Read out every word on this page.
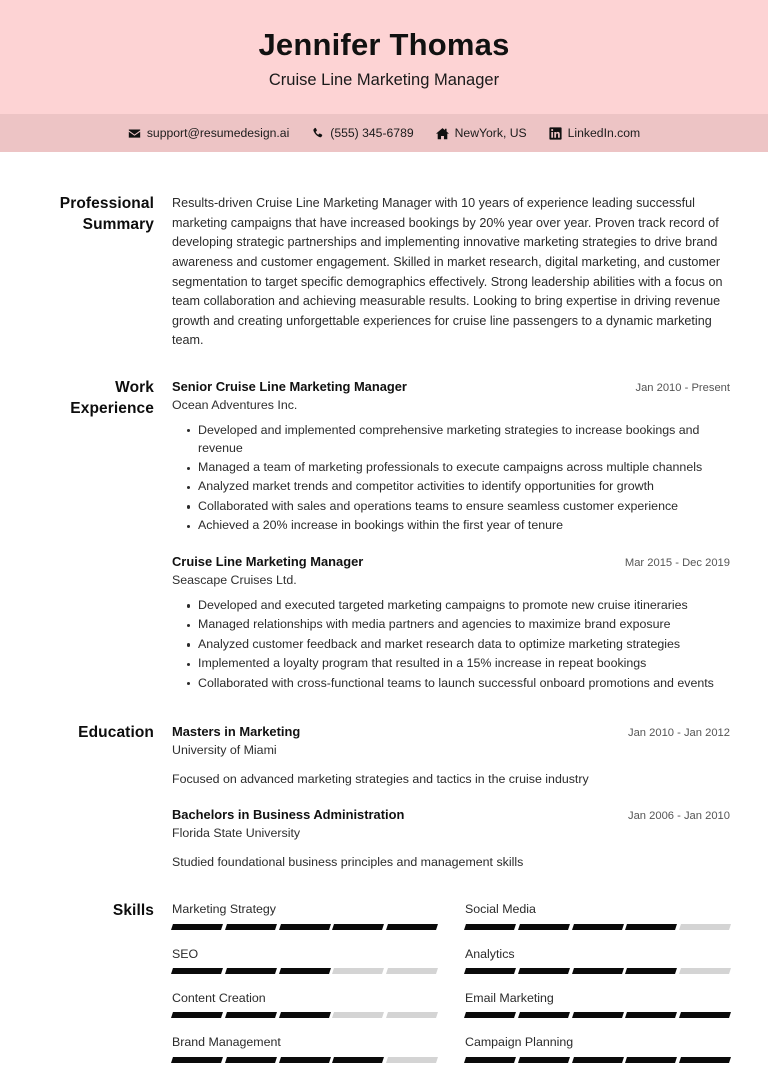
Jennifer Thomas
Cruise Line Marketing Manager
support@resumedesign.ai	(555) 345-6789	NewYork, US	LinkedIn.com
Professional
Summary
Results-driven Cruise Line Marketing Manager with 10 years of experience leading successful marketing campaigns that have increased bookings by 20% year over year. Proven track record of developing strategic partnerships and implementing innovative marketing strategies to drive brand awareness and customer engagement. Skilled in market research, digital marketing, and customer segmentation to target specific demographics effectively. Strong leadership abilities with a focus on team collaboration and achieving measurable results. Looking to bring expertise in driving revenue growth and creating unforgettable experiences for cruise line passengers to a dynamic marketing team.
Work
Experience
Senior Cruise Line Marketing Manager	Jan 2010 - Present
Ocean Adventures Inc.
Developed and implemented comprehensive marketing strategies to increase bookings and revenue
Managed a team of marketing professionals to execute campaigns across multiple channels
Analyzed market trends and competitor activities to identify opportunities for growth
Collaborated with sales and operations teams to ensure seamless customer experience
Achieved a 20% increase in bookings within the first year of tenure
Cruise Line Marketing Manager	Mar 2015 - Dec 2019
Seascape Cruises Ltd.
Developed and executed targeted marketing campaigns to promote new cruise itineraries
Managed relationships with media partners and agencies to maximize brand exposure
Analyzed customer feedback and market research data to optimize marketing strategies
Implemented a loyalty program that resulted in a 15% increase in repeat bookings
Collaborated with cross-functional teams to launch successful onboard promotions and events
Education	Masters in Marketing	Jan 2010 - Jan 2012
University of Miami
Focused on advanced marketing strategies and tactics in the cruise industry
Bachelors in Business Administration	Jan 2006 - Jan 2010
Florida State University
Studied foundational business principles and management skills
Skills	Marketing Strategy	Social Media
SEO	Analytics
Content Creation	Email Marketing
Brand Management	Campaign Planning
